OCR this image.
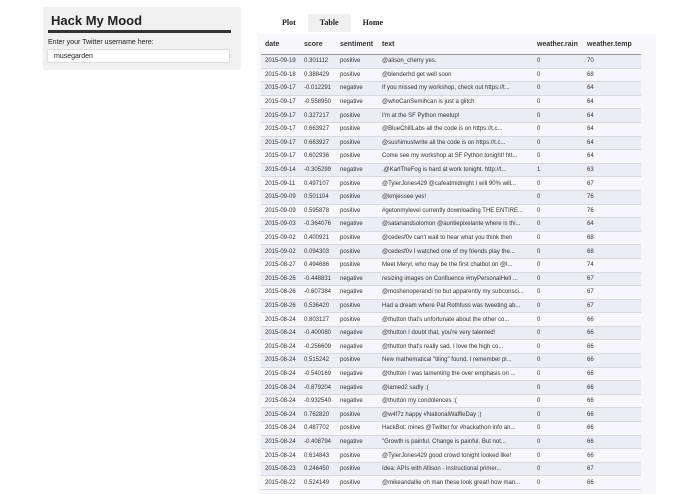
Hack My Mood
Enter your Twitter username here:
musegarden
Plot	Table	Home
date	score	sentiment	text	weather.rain	weather.temp
2015-09-19	0.301112	positive	@alison_cherry yes.	0	70
2015-09-18	0.388429	positive	@blenderhd get well soon	0	68
2015-09-17	-0.012291	negative	If you missed my workshop, check out https://t...	0	64
2015-09-17	-0.558950	negative	@whoCanSemihcan is just a glitch	0	64
2015-09-17	0.327217	positive	I'm at the SF Python meetup!	0	64
2015-09-17	0.663927	positive	@BlueChillLabs all the code is on https://t.c...	0	64
2015-09-17	0.663927	positive	@sushimustwrite all the code is on https://t.c...	0	64
2015-09-17	0.602936	positive	Come see my workshop at SF Python tonight! htt...	0	64
2015-09-14	-0.305299	negative	.@KarlTheFog is hard at work tonight. http://t...	1	63
2015-09-11	0.497107	positive	@TylerJones429 @cafeatmidnight I will 90% will...	0	67
2015-09-09	0.501104	positive	@kmjessee yes!	0	76
2015-09-09	0.595878	positive	#getonmylevel currently downloading THE ENTIRE...	0	76
2015-09-03	-0.364076	negative	@satanandsolomon @auntiepixelante where is thi...	0	64
2015-09-02	0.400921	positive	@cedesf0v can't wait to hear what you think then	0	68
2015-09-02	0.094303	positive	@cedesf0v I watched one of my friends play the...	0	68
2015-08-27	0.494686	positive	Meet Meryl, who may be the first chatbot on @l...	0	74
2015-08-26	-0.448831	negative	resizing images on Confluence #myPersonalHell ...	0	67
2015-08-26	-0.607384	negative	@moshenoperandi no but apparently my subconsci...	0	67
2015-08-26	0.536420	positive	Had a dream where Pat Rothfuss was tweeting ab...	0	67
2015-08-24	0.803127	positive	@thutton that's unfortunate about the other co...	0	66
2015-08-24	-0.400080	negative	@thutton I doubt that, you're very talented!	0	66
2015-08-24	-0.256609	negative	@thutton that's really sad. I love the high co...	0	66
2015-08-24	0.515242	positive	New mathematical "tiling" found. I remember pl...	0	66
2015-08-24	-0.540169	negative	@thutton I was lamenting the over emphasis on ...	0	66
2015-08-24	-0.879204	negative	@iamed2 sadly :(	0	66
2015-08-24	-0.932540	negative	@thutton my condolences :(	0	66
2015-08-24	0.762820	positive	@w4f7z happy #NationalWaffleDay ;)	0	66
2015-08-24	0.487702	positive	HackBot: mines @Twitter for #hackathon info an...	0	66
2015-08-24	-0.408794	negative	"Growth is painful. Change is painful. But not...	0	66
2015-08-24	0.614843	positive	@TylerJones429 good crowd tonight looked like!	0	66
2015-08-23	0.246450	positive	Idea: APIs with Allison - instructional primer...	0	67
2015-08-22	0.524149	positive	@mikeandallie oh man these look great! how man...	0	66
